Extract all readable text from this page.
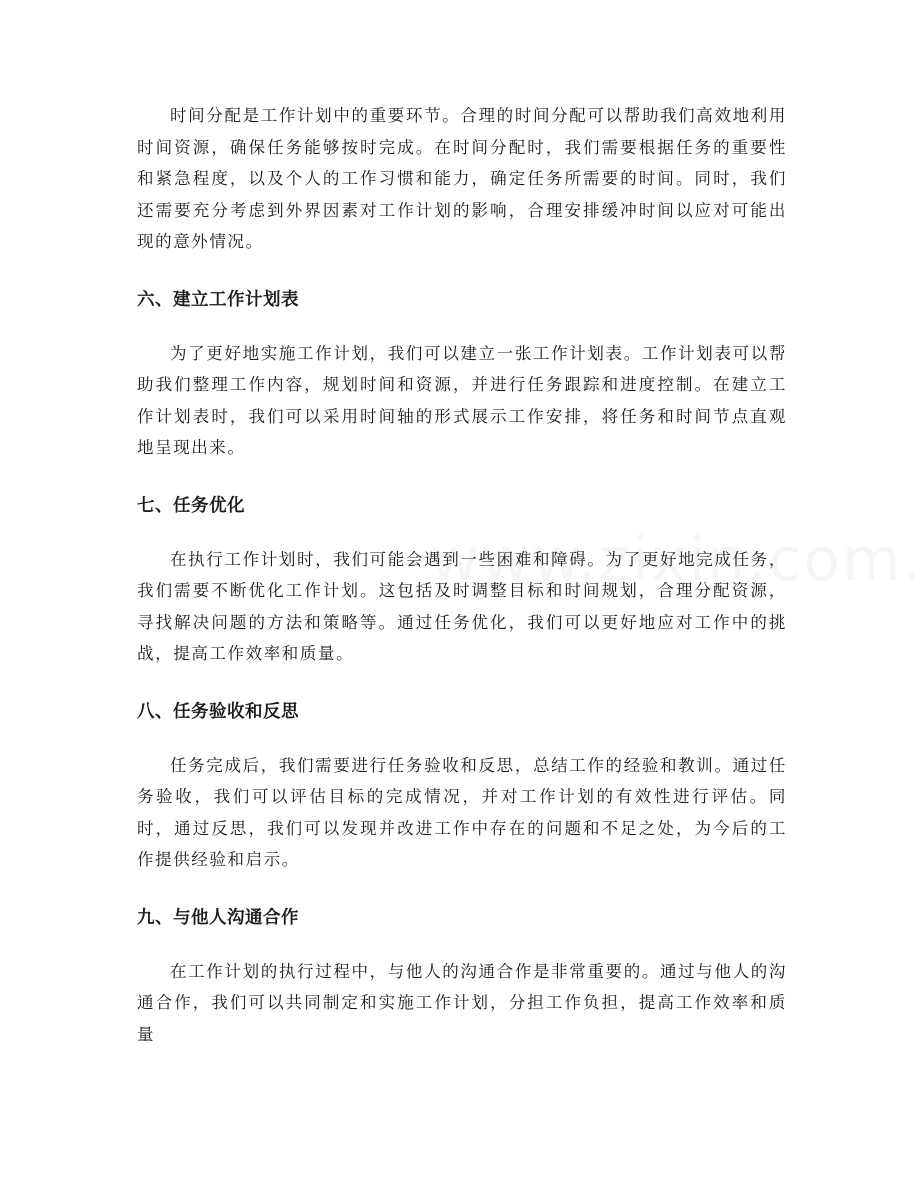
时间分配是工作计划中的重要环节。合理的时间分配可以帮助我们高效地利用时间资源，确保任务能够按时完成。在时间分配时，我们需要根据任务的重要性和紧急程度，以及个人的工作习惯和能力，确定任务所需要的时间。同时，我们还需要充分考虑到外界因素对工作计划的影响，合理安排缓冲时间以应对可能出现的意外情况。

六、建立工作计划表

为了更好地实施工作计划，我们可以建立一张工作计划表。工作计划表可以帮助我们整理工作内容，规划时间和资源，并进行任务跟踪和进度控制。在建立工作计划表时，我们可以采用时间轴的形式展示工作安排，将任务和时间节点直观地呈现出来。

七、任务优化

在执行工作计划时，我们可能会遇到一些困难和障碍。为了更好地完成任务，我们需要不断优化工作计划。这包括及时调整目标和时间规划，合理分配资源，寻找解决问题的方法和策略等。通过任务优化，我们可以更好地应对工作中的挑战，提高工作效率和质量。

八、任务验收和反思

任务完成后，我们需要进行任务验收和反思，总结工作的经验和教训。通过任务验收，我们可以评估目标的完成情况，并对工作计划的有效性进行评估。同时，通过反思，我们可以发现并改进工作中存在的问题和不足之处，为今后的工作提供经验和启示。

九、与他人沟通合作

在工作计划的执行过程中，与他人的沟通合作是非常重要的。通过与他人的沟通合作，我们可以共同制定和实施工作计划，分担工作负担，提高工作效率和质量
